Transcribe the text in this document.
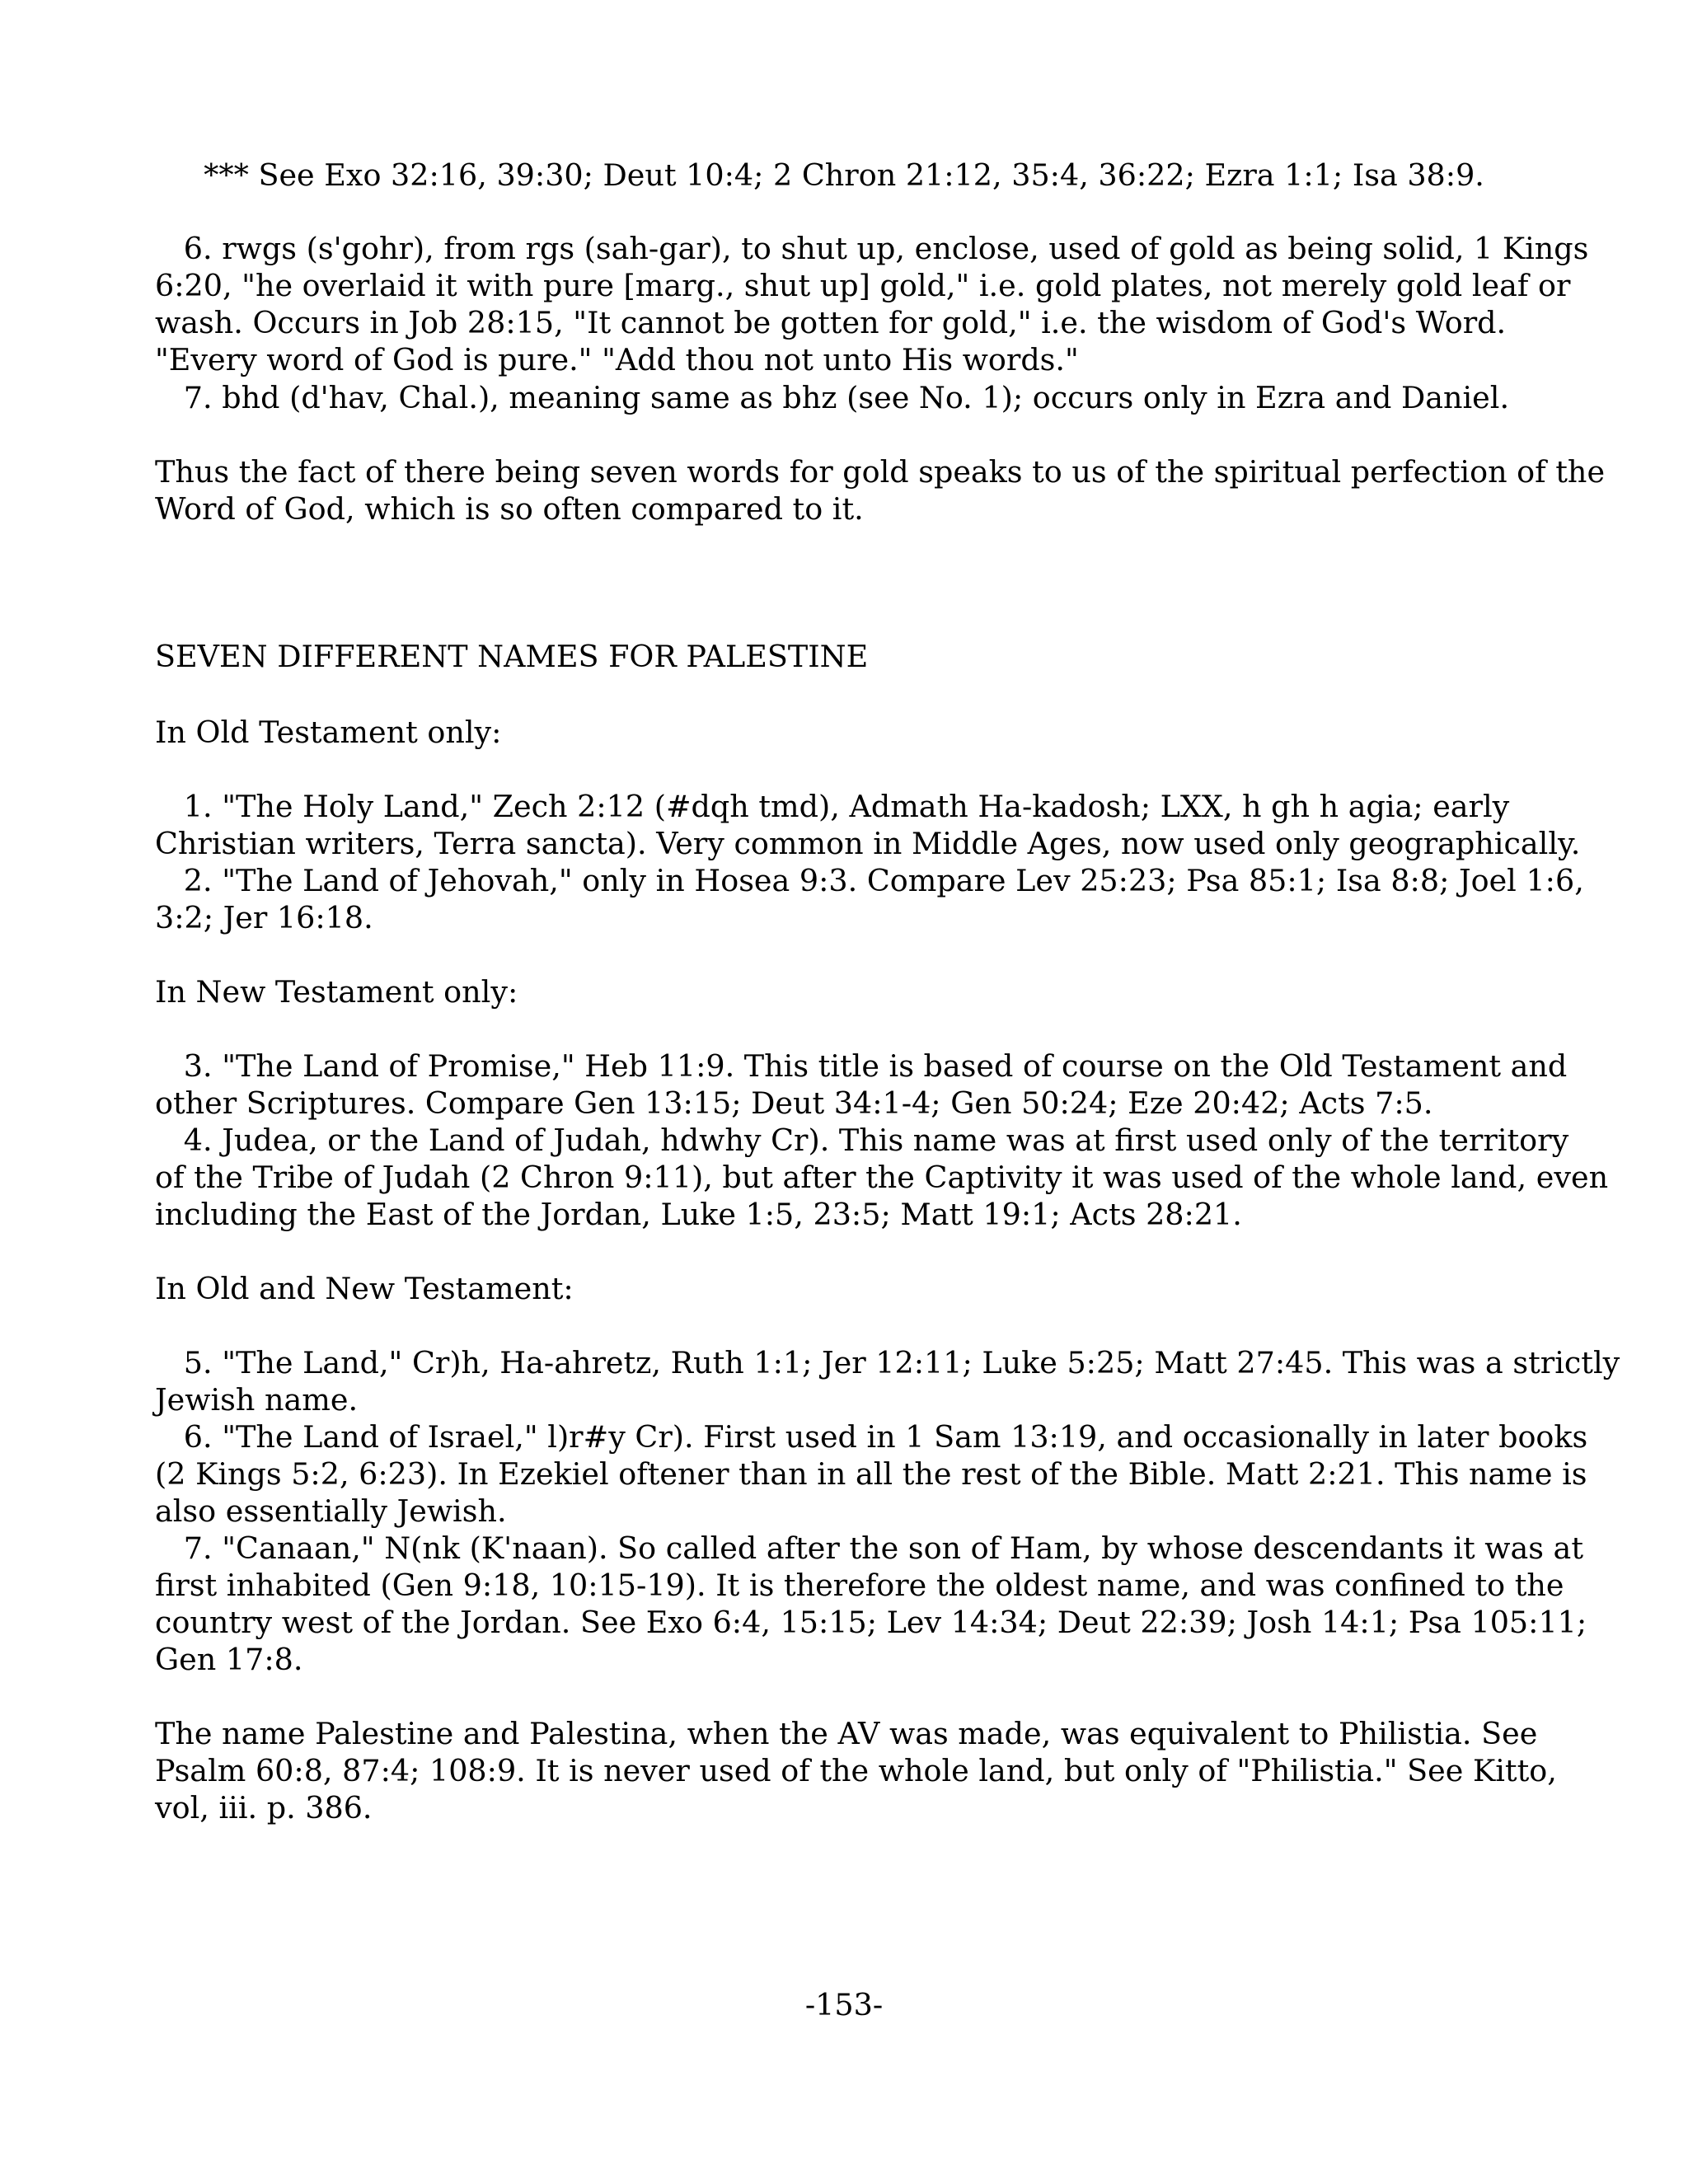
*** See Exo 32:16, 39:30; Deut 10:4; 2 Chron 21:12, 35:4, 36:22; Ezra 1:1; Isa 38:9.
6. rwgs (s'gohr), from rgs (sah-gar), to shut up, enclose, used of gold as being solid, 1 Kings
6:20, "he overlaid it with pure [marg., shut up] gold," i.e. gold plates, not merely gold leaf or
wash. Occurs in Job 28:15, "It cannot be gotten for gold," i.e. the wisdom of God's Word.
"Every word of God is pure." "Add thou not unto His words."
7. bhd (d'hav, Chal.), meaning same as bhz (see No. 1); occurs only in Ezra and Daniel.
Thus the fact of there being seven words for gold speaks to us of the spiritual perfection of the
Word of God, which is so often compared to it.
SEVEN DIFFERENT NAMES FOR PALESTINE
In Old Testament only:
1. "The Holy Land," Zech 2:12 (#dqh tmd), Admath Ha-kadosh; LXX, h gh h agia; early
Christian writers, Terra sancta). Very common in Middle Ages, now used only geographically.
2. "The Land of Jehovah," only in Hosea 9:3. Compare Lev 25:23; Psa 85:1; Isa 8:8; Joel 1:6,
3:2; Jer 16:18.
In New Testament only:
3. "The Land of Promise," Heb 11:9. This title is based of course on the Old Testament and
other Scriptures. Compare Gen 13:15; Deut 34:1-4; Gen 50:24; Eze 20:42; Acts 7:5.
4. Judea, or the Land of Judah, hdwhy Cr). This name was at first used only of the territory
of the Tribe of Judah (2 Chron 9:11), but after the Captivity it was used of the whole land, even
including the East of the Jordan, Luke 1:5, 23:5; Matt 19:1; Acts 28:21.
In Old and New Testament:
5. "The Land," Cr)h, Ha-ahretz, Ruth 1:1; Jer 12:11; Luke 5:25; Matt 27:45. This was a strictly
Jewish name.
6. "The Land of Israel," l)r#y Cr). First used in 1 Sam 13:19, and occasionally in later books
(2 Kings 5:2, 6:23). In Ezekiel oftener than in all the rest of the Bible. Matt 2:21. This name is
also essentially Jewish.
7. "Canaan," N(nk (K'naan). So called after the son of Ham, by whose descendants it was at
first inhabited (Gen 9:18, 10:15-19). It is therefore the oldest name, and was confined to the
country west of the Jordan. See Exo 6:4, 15:15; Lev 14:34; Deut 22:39; Josh 14:1; Psa 105:11;
Gen 17:8.
The name Palestine and Palestina, when the AV was made, was equivalent to Philistia. See
Psalm 60:8, 87:4; 108:9. It is never used of the whole land, but only of "Philistia." See Kitto,
vol, iii. p. 386.
-153-
